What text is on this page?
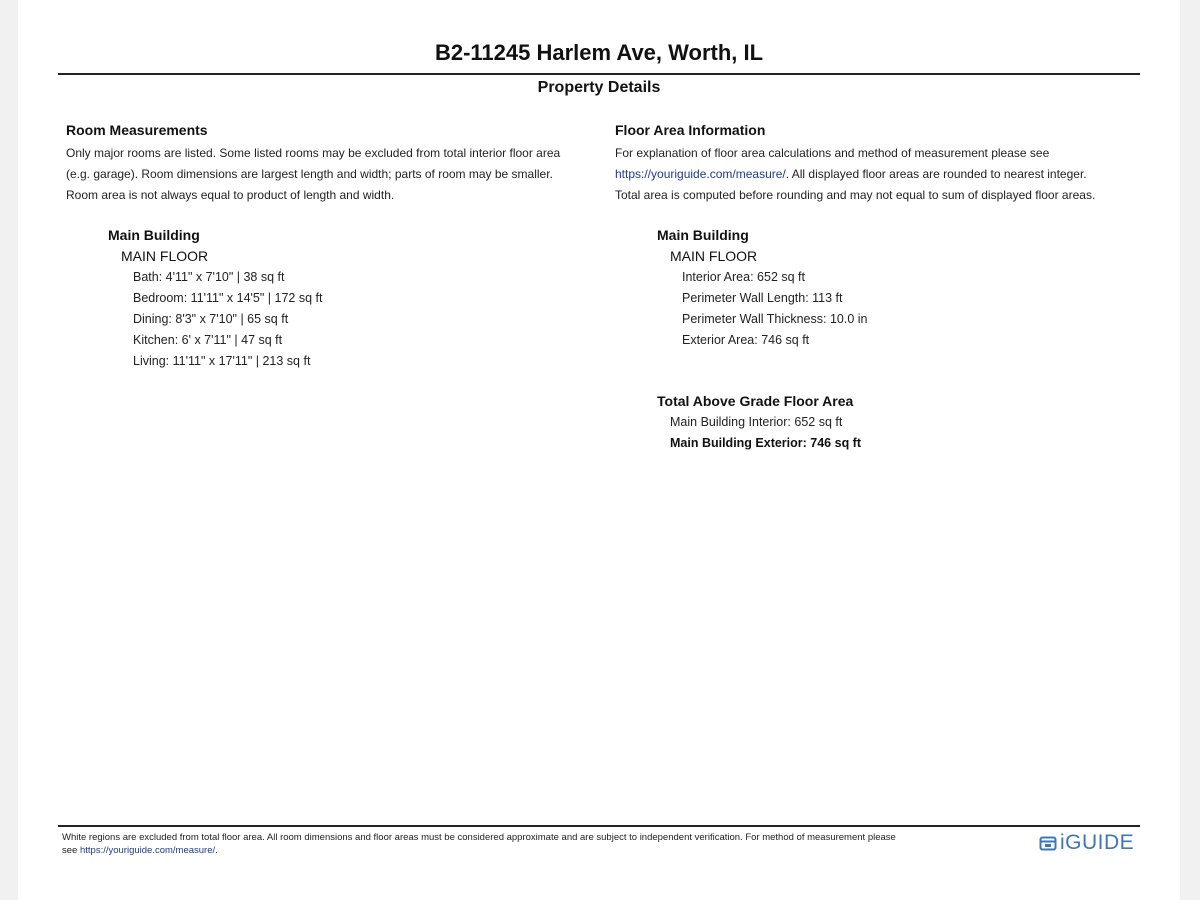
B2-11245 Harlem Ave, Worth, IL
Property Details
Room Measurements

Only major rooms are listed. Some listed rooms may be excluded from total interior floor area
(e.g. garage). Room dimensions are largest length and width; parts of room may be smaller.
Room area is not always equal to product of length and width.

Main Building

MAIN FLOOR

Bath: 4'11" x 7'10" | 38 sq ft
Bedroom: 11'11" x 14'5" | 172 sq ft
Dining: 8'3" x 7'10" | 65 sq ft
Kitchen: 6' x 7'11" | 47 sq ft
Living: 11'11" x 17'11" | 213 sq ft
Floor Area Information

For explanation of floor area calculations and method of measurement please see
https://youriguide.com/measure/. All displayed floor areas are rounded to nearest integer.
Total area is computed before rounding and may not equal to sum of displayed floor areas.

Main Building

MAIN FLOOR

Interior Area: 652 sq ft
Perimeter Wall Length: 113 ft
Perimeter Wall Thickness: 10.0 in
Exterior Area: 746 sq ft

Total Above Grade Floor Area

Main Building Interior: 652 sq ft
Main Building Exterior: 746 sq ft

White regions are excluded from total floor area. All room dimensions and floor areas must be considered approximate and are subject to independent verification. For method of measurement please
see https://youriguide.com/measure/.	iGUIDE
